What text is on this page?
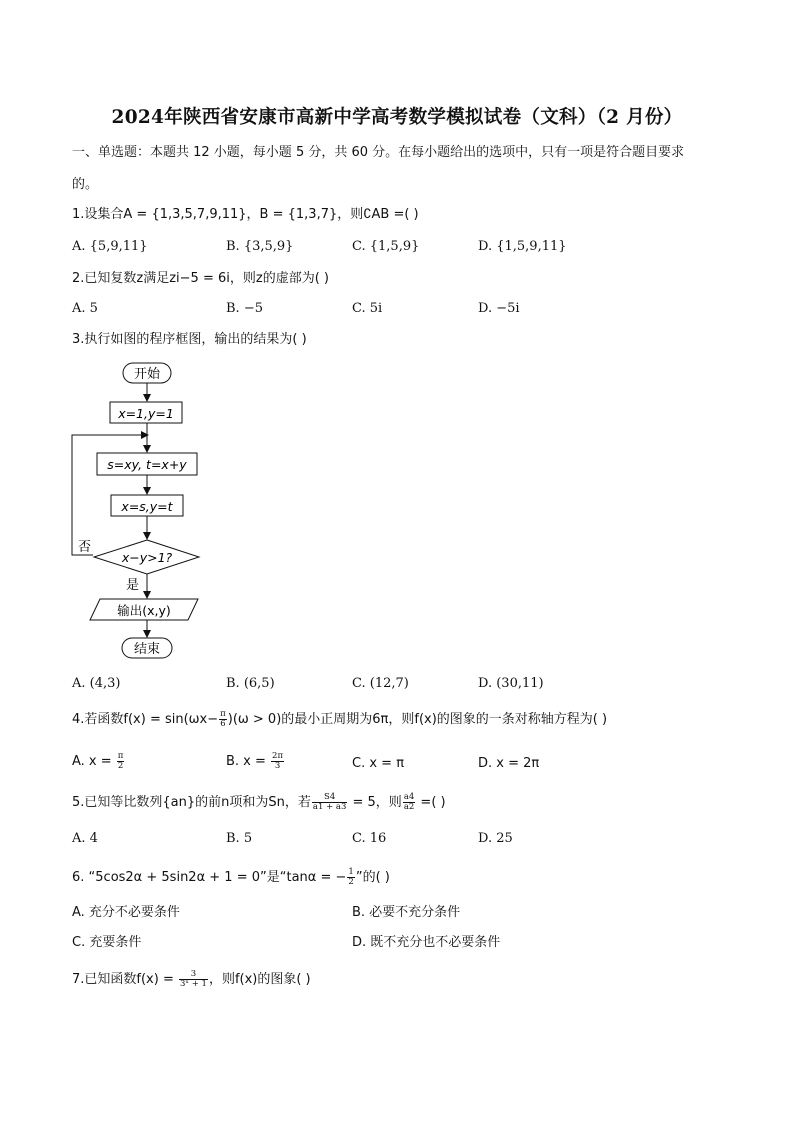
2024年陕西省安康市高新中学高考数学模拟试卷（文科）（2 月份）
一、单选题：本题共 12 小题，每小题 5 分，共 60 分。在每小题给出的选项中，只有一项是符合题目要求
的。
1.设集合A = {1,3,5,7,9,11}，B = {1,3,7}，则∁AB =( )
A. {5,9,11}	B. {3,5,9}	C. {1,5,9}	D. {1,5,9,11}
2.已知复数z满足zi−5 = 6i，则z的虚部为( )
A. 5	B. −5	C. 5i	D. −5i
3.执行如图的程序框图，输出的结果为( )
开始
x=1,y=1
s=xy, t=x+y
x=s,y=t
x−y>1?
否
是
输出(x,y)
结束
A. (4,3)	B. (6,5)	C. (12,7)	D. (30,11)
4.若函数$f(x) = \sin(\omega x- \frac{\pi}{6} )(\omega > 0)$的最小正周期为6π，则f(x)的图象的一条对称轴方程为( )
A. $x = \frac{\pi}{2}$	B. $x = \frac{2\pi}{3}$	C. x = π	D. x = 2π
5.已知等比数列{an}的前n项和为Sn，若 $\frac{S4}{a1 + a3} = 5$，则 $\frac{a4}{a2}$ =( )
A. 4	B. 5	C. 16	D. 25
6. “5cos2α + 5sin2α + 1 = 0”是“tanα = − $\frac{1}{2}$ ”的( )
A. 充分不必要条件	B. 必要不充分条件
C. 充要条件	D. 既不充分也不必要条件
7.已知函数$f(x) = \frac{3}{\text{3ˣ + 1}}$ ，则f(x)的图象( )
